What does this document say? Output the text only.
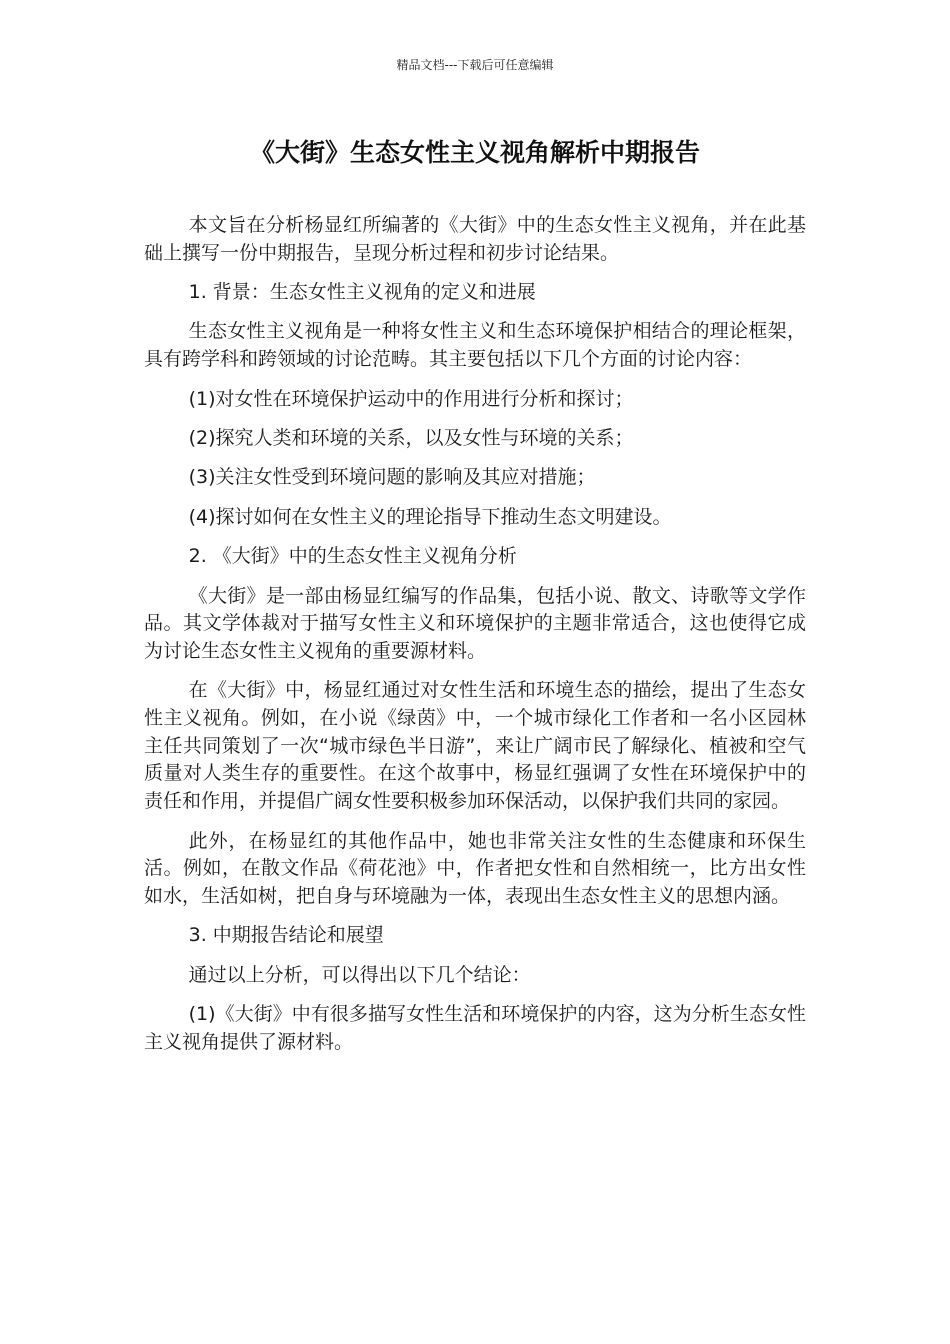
精品文档---下载后可任意编辑
《大街》生态女性主义视角解析中期报告

本文旨在分析杨显红所编著的《大街》中的生态女性主义视角，并在此基础上撰写一份中期报告，呈现分析过程和初步讨论结果。

1. 背景：生态女性主义视角的定义和进展

生态女性主义视角是一种将女性主义和生态环境保护相结合的理论框架，具有跨学科和跨领域的讨论范畴。其主要包括以下几个方面的讨论内容：

(1)对女性在环境保护运动中的作用进行分析和探讨；

(2)探究人类和环境的关系，以及女性与环境的关系；

(3)关注女性受到环境问题的影响及其应对措施；

(4)探讨如何在女性主义的理论指导下推动生态文明建设。

2. 《大街》中的生态女性主义视角分析

《大街》是一部由杨显红编写的作品集，包括小说、散文、诗歌等文学作品。其文学体裁对于描写女性主义和环境保护的主题非常适合，这也使得它成为讨论生态女性主义视角的重要源材料。

在《大街》中，杨显红通过对女性生活和环境生态的描绘，提出了生态女性主义视角。例如，在小说《绿茵》中，一个城市绿化工作者和一名小区园林主任共同策划了一次“城市绿色半日游”，来让广阔市民了解绿化、植被和空气质量对人类生存的重要性。在这个故事中，杨显红强调了女性在环境保护中的责任和作用，并提倡广阔女性要积极参加环保活动，以保护我们共同的家园。

此外，在杨显红的其他作品中，她也非常关注女性的生态健康和环保生活。例如，在散文作品《荷花池》中，作者把女性和自然相统一，比方出女性如水，生活如树，把自身与环境融为一体，表现出生态女性主义的思想内涵。

3. 中期报告结论和展望

通过以上分析，可以得出以下几个结论：

(1)《大街》中有很多描写女性生活和环境保护的内容，这为分析生态女性主义视角提供了源材料。
